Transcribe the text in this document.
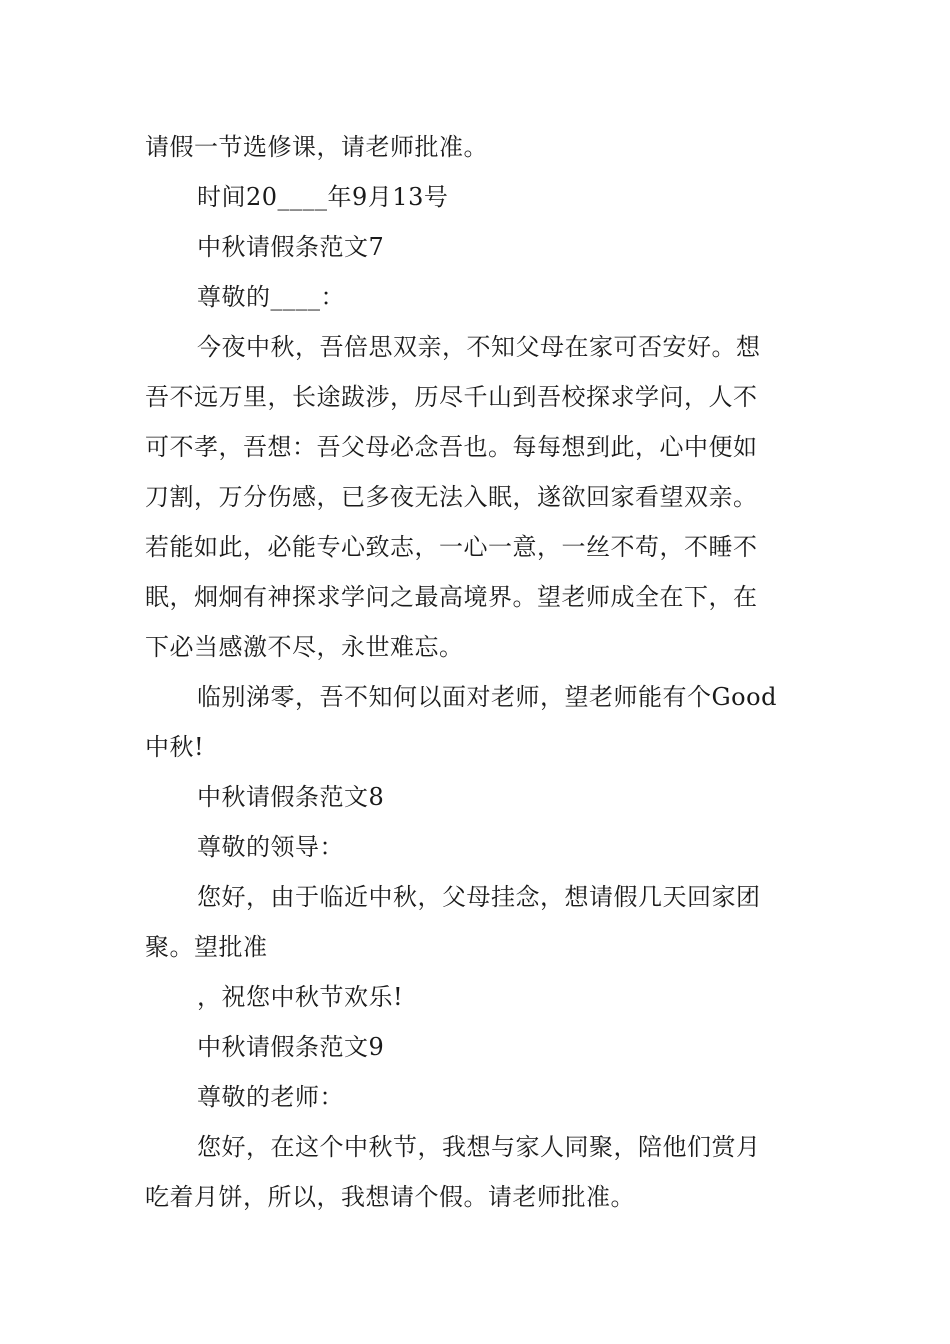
请假一节选修课，请老师批准。
时间20____年9月13号
中秋请假条范文7
尊敬的____：
今夜中秋，吾倍思双亲，不知父母在家可否安好。想
吾不远万里，长途跋涉，历尽千山到吾校探求学问，人不
可不孝，吾想：吾父母必念吾也。每每想到此，心中便如
刀割，万分伤感，已多夜无法入眠，遂欲回家看望双亲。
若能如此，必能专心致志，一心一意，一丝不苟，不睡不
眠，炯炯有神探求学问之最高境界。望老师成全在下，在
下必当感激不尽，永世难忘。
临别涕零，吾不知何以面对老师，望老师能有个Good
中秋!
中秋请假条范文8
尊敬的领导：
您好，由于临近中秋，父母挂念，想请假几天回家团
聚。望批准
，祝您中秋节欢乐!
中秋请假条范文9
尊敬的老师：
您好，在这个中秋节，我想与家人同聚，陪他们赏月
吃着月饼，所以，我想请个假。请老师批准。
